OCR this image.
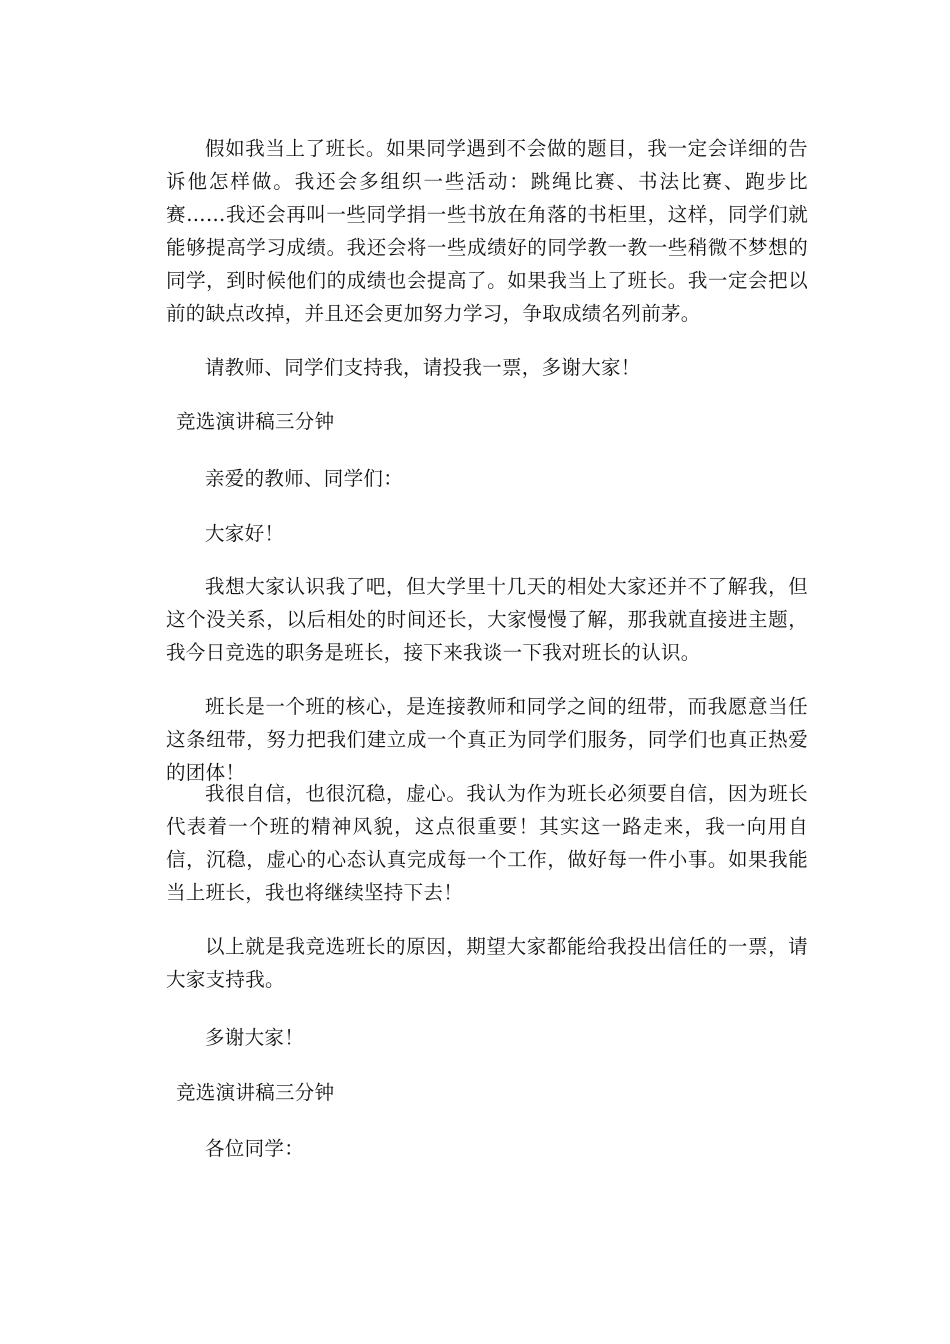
假如我当上了班长。如果同学遇到不会做的题目，我一定会详细的告诉他怎样做。我还会多组织一些活动：跳绳比赛、书法比赛、跑步比赛……我还会再叫一些同学捐一些书放在角落的书柜里，这样，同学们就能够提高学习成绩。我还会将一些成绩好的同学教一教一些稍微不梦想的同学，到时候他们的成绩也会提高了。如果我当上了班长。我一定会把以前的缺点改掉，并且还会更加努力学习，争取成绩名列前茅。

请教师、同学们支持我，请投我一票，多谢大家！

竞选演讲稿三分钟

亲爱的教师、同学们：

大家好！

我想大家认识我了吧，但大学里十几天的相处大家还并不了解我，但这个没关系，以后相处的时间还长，大家慢慢了解，那我就直接进主题，我今日竞选的职务是班长，接下来我谈一下我对班长的认识。

班长是一个班的核心，是连接教师和同学之间的纽带，而我愿意当任这条纽带，努力把我们建立成一个真正为同学们服务，同学们也真正热爱的团体！

我很自信，也很沉稳，虚心。我认为作为班长必须要自信，因为班长代表着一个班的精神风貌，这点很重要！其实这一路走来，我一向用自信，沉稳，虚心的心态认真完成每一个工作，做好每一件小事。如果我能当上班长，我也将继续坚持下去！

以上就是我竞选班长的原因，期望大家都能给我投出信任的一票，请大家支持我。

多谢大家！

竞选演讲稿三分钟

各位同学：
